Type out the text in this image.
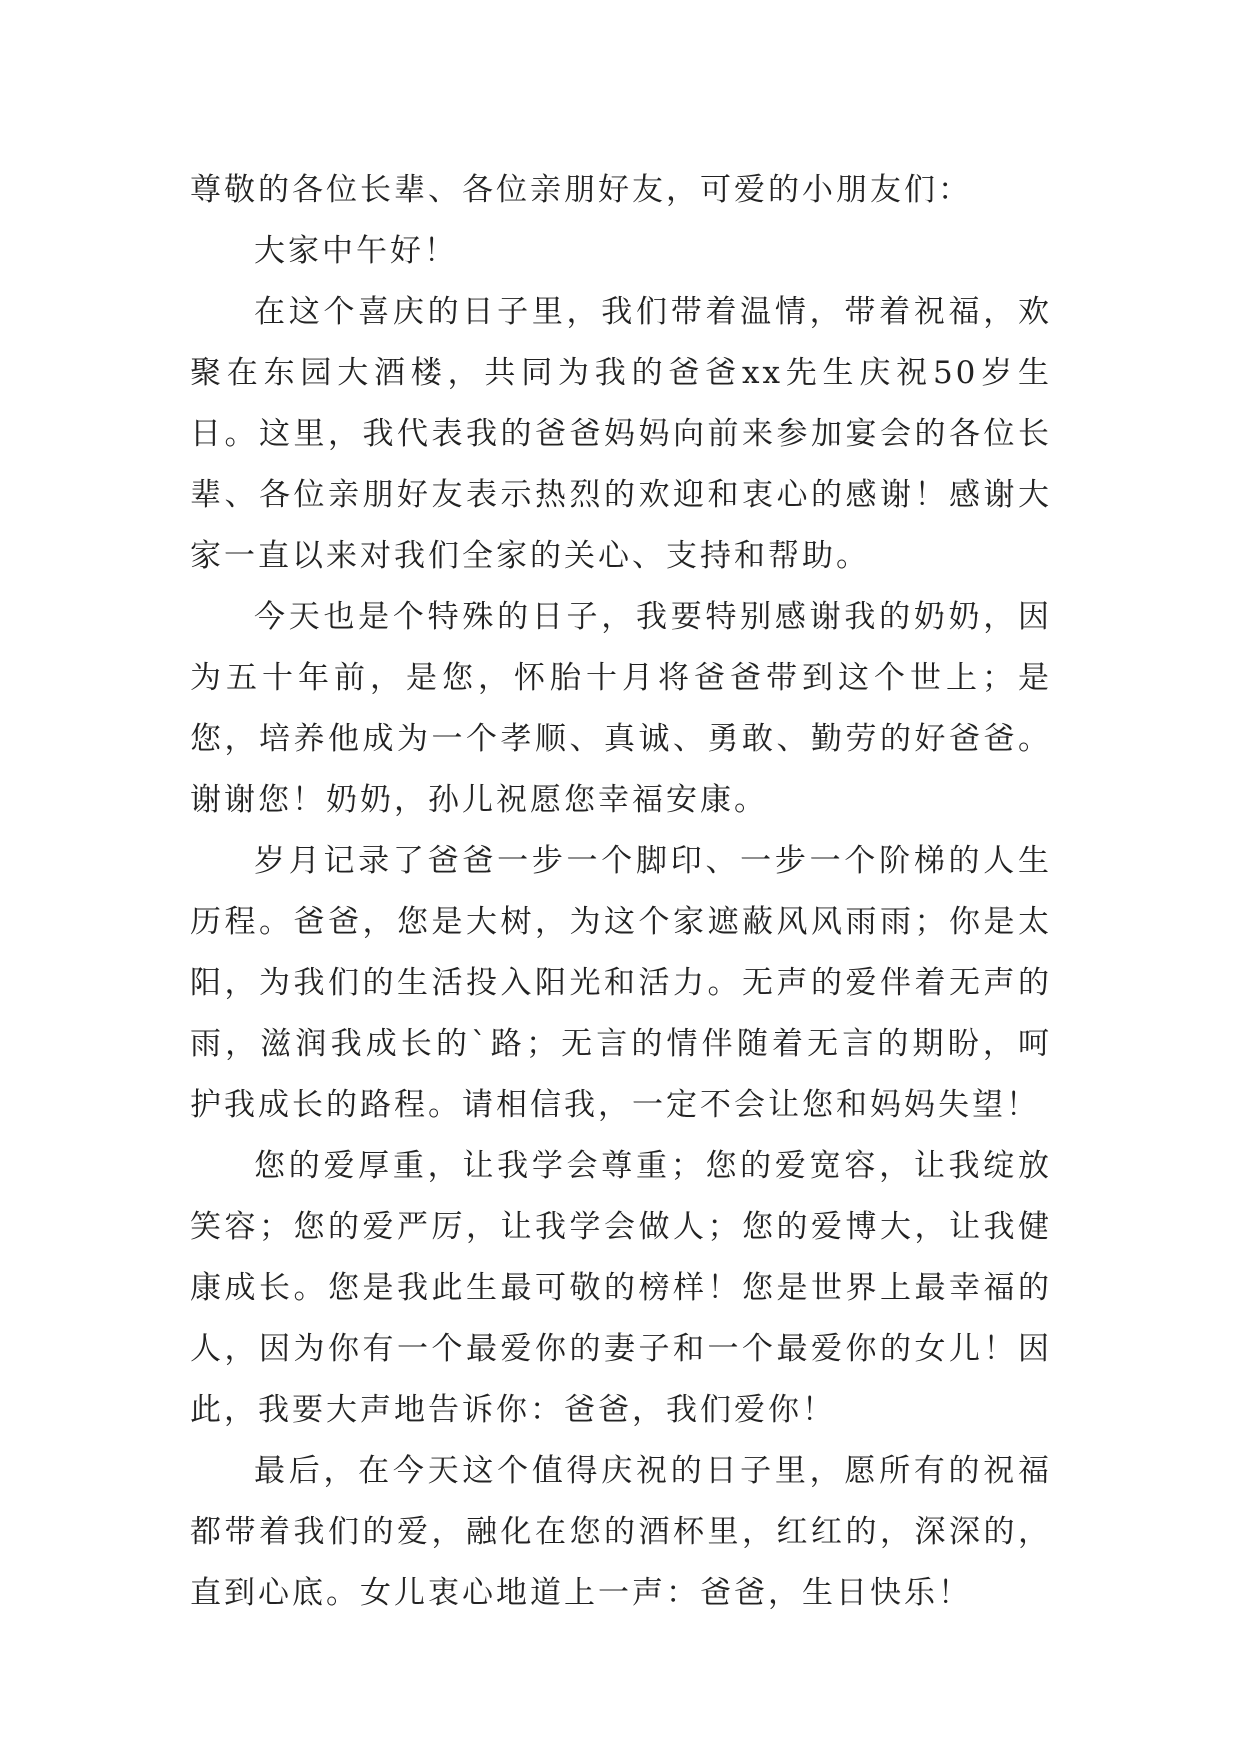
尊敬的各位长辈、各位亲朋好友，可爱的小朋友们：

大家中午好！

在这个喜庆的日子里，我们带着温情，带着祝福，欢聚在东园大酒楼，共同为我的爸爸xx先生庆祝50岁生日。这里，我代表我的爸爸妈妈向前来参加宴会的各位长辈、各位亲朋好友表示热烈的欢迎和衷心的感谢！感谢大家一直以来对我们全家的关心、支持和帮助。

今天也是个特殊的日子，我要特别感谢我的奶奶，因为五十年前，是您，怀胎十月将爸爸带到这个世上；是您，培养他成为一个孝顺、真诚、勇敢、勤劳的好爸爸。谢谢您！奶奶，孙儿祝愿您幸福安康。

岁月记录了爸爸一步一个脚印、一步一个阶梯的人生历程。爸爸，您是大树，为这个家遮蔽风风雨雨；你是太阳，为我们的生活投入阳光和活力。无声的爱伴着无声的雨，滋润我成长的`路；无言的情伴随着无言的期盼，呵护我成长的路程。请相信我，一定不会让您和妈妈失望！

您的爱厚重，让我学会尊重；您的爱宽容，让我绽放笑容；您的爱严厉，让我学会做人；您的爱博大，让我健康成长。您是我此生最可敬的榜样！您是世界上最幸福的人，因为你有一个最爱你的妻子和一个最爱你的女儿！因此，我要大声地告诉你：爸爸，我们爱你！

最后，在今天这个值得庆祝的日子里，愿所有的祝福都带着我们的爱，融化在您的酒杯里，红红的，深深的，直到心底。女儿衷心地道上一声：爸爸，生日快乐！
